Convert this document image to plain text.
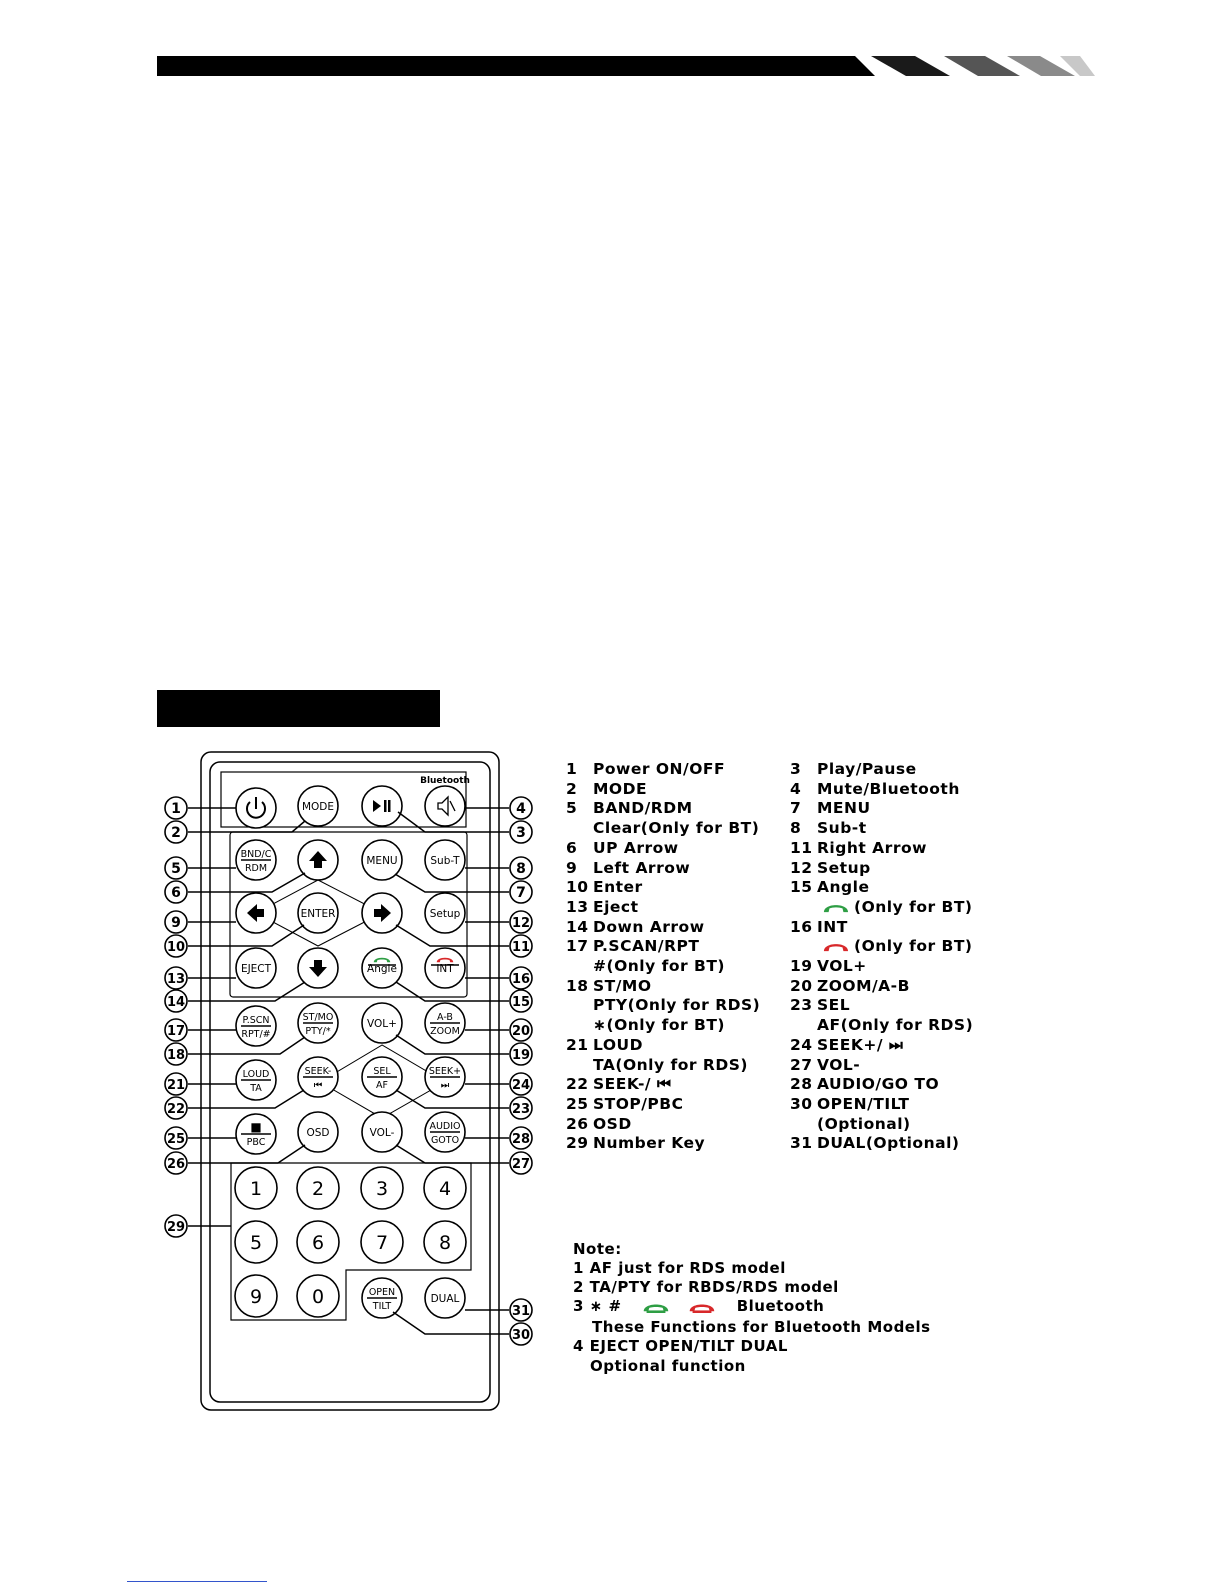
MODE
BND/C
RDM
MENU	Sub-T
ENTER	Setup
EJECT	Angle	INT
P.SCN
RPT/#
ST/MO
PTY/*
VOL+
A-B
ZOOM
LOUD
TA
SEEK-
⏮
SEL
AF
SEEK+
⏭
■
PBC
OSD	VOL-
AUDIO
GOTO
1	2	3	4
5	6	7	8
9	0	OPEN
TILT
DUAL
1
2	3
4
5
6	7
8
9
10	11
12
13
14	15
16
17
18	19
20
21
22	23
24
25
26	27
28
29
30
31
Bluetooth
1 Power ON/OFF
2 MODE
5 BAND/RDM
Clear(Only for BT)
6 UP Arrow
9 Left Arrow
10 Enter
13 Eject
14 Down Arrow
17 P.SCAN/RPT
#(Only for BT)
18 ST/MO
PTY(Only for RDS)
∗(Only for BT)
21 LOUD
TA(Only for RDS)
22 SEEK-/ ⏮
25 STOP/PBC
26 OSD
29 Number Key
3 Play/Pause
4 Mute/Bluetooth
7 MENU
8 Sub-t
11 Right Arrow
12 Setup
15 Angle
(Only for BT)
16 INT
(Only for BT)
19 VOL+
20 ZOOM/A-B
23 SEL
AF(Only for RDS)
24 SEEK+/ ⏭
27 VOL-
28 AUDIO/GO TO
30 OPEN/TILT
(Optional)
31 DUAL(Optional)
Note:
1 AF just for RDS model
2 TA/PTY for RBDS/RDS model
3 ∗ #	Bluetooth
These Functions for Bluetooth Models
4 EJECT OPEN/TILT DUAL
Optional function
